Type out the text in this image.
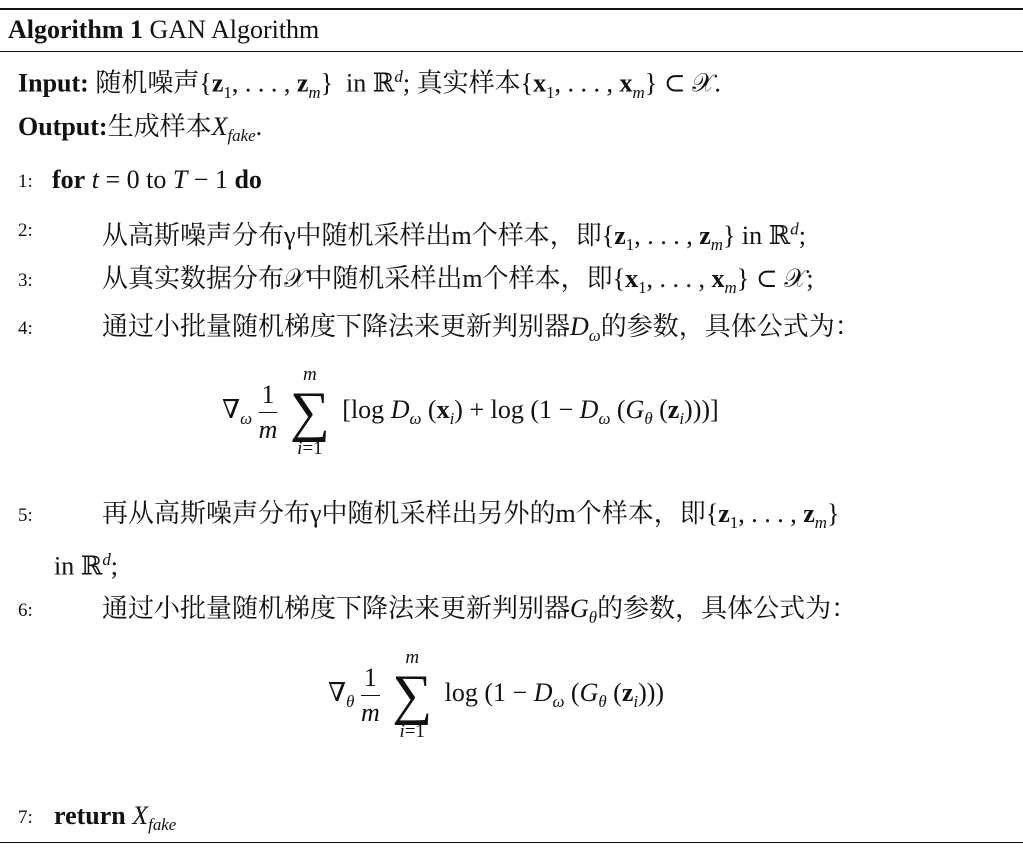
Algorithm 1 GAN Algorithm
Input: 随机噪声{$z_1$, . . . , $z_m$}  in ℝ$^d$; 真实样本{$x_1$, . . . , $x_m$} ⊂ 𝒳.
Output:生成样本$X_{fake}$.
1: for t = 0 to T − 1 do
2:	从高斯噪声分布γ中随机采样出m个样本，即{$z_1$, . . . , $z_m$} in ℝ$^d$;
3:	从真实数据分布𝒳中随机采样出m个样本，即{$x_1$, . . . , $x_m$} ⊂ 𝒳;
4:	通过小批量随机梯度下降法来更新判别器$D_\omega$的参数，具体公式为：
$\nabla_\omega \frac{1}{m}$

m
∑
i=1
[log $D_\omega$ $(x_i) + \log (1 - D_\omega$ ($G_\theta$ $(z_i)$))]
5:	再从高斯噪声分布γ中随机采样出另外的m个样本，即{$z_1$, . . . , $z_m$}
in ℝ$^d$;
6:	通过小批量随机梯度下降法来更新判别器$G_\theta$的参数，具体公式为：
$\nabla_\theta \frac{1}{m}$

m
∑
i=1
$\log (1 - D_\omega$ ($G_\theta$ $(z_i)$))
7: return $X_{fake}$
